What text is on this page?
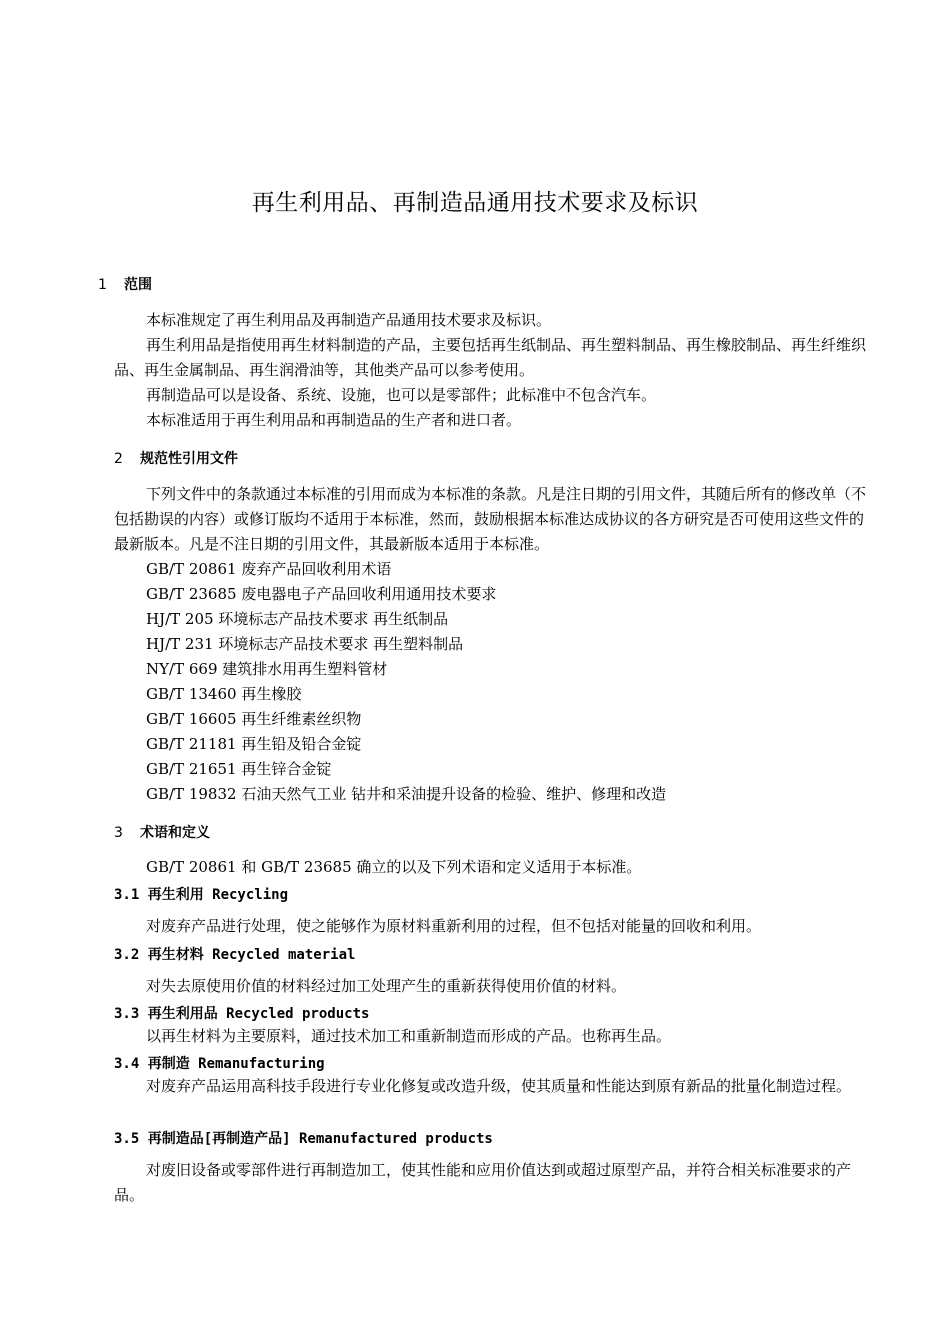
再生利用品、再制造品通用技术要求及标识
1 范围
本标准规定了再生利用品及再制造产品通用技术要求及标识。
再生利用品是指使用再生材料制造的产品，主要包括再生纸制品、再生塑料制品、再生橡胶制品、再生纤维织品、再生金属制品、再生润滑油等，其他类产品可以参考使用。
再制造品可以是设备、系统、设施，也可以是零部件；此标准中不包含汽车。
本标准适用于再生利用品和再制造品的生产者和进口者。
2 规范性引用文件
下列文件中的条款通过本标准的引用而成为本标准的条款。凡是注日期的引用文件，其随后所有的修改单（不包括勘误的内容）或修订版均不适用于本标准，然而，鼓励根据本标准达成协议的各方研究是否可使用这些文件的最新版本。凡是不注日期的引用文件，其最新版本适用于本标准。
GB/T 20861 废弃产品回收利用术语
GB/T 23685 废电器电子产品回收利用通用技术要求
HJ/T 205 环境标志产品技术要求 再生纸制品
HJ/T 231 环境标志产品技术要求 再生塑料制品
NY/T 669 建筑排水用再生塑料管材
GB/T 13460 再生橡胶
GB/T 16605 再生纤维素丝织物
GB/T 21181 再生铅及铅合金锭
GB/T 21651 再生锌合金锭
GB/T 19832 石油天然气工业 钻井和采油提升设备的检验、维护、修理和改造
3 术语和定义
GB/T 20861 和 GB/T 23685 确立的以及下列术语和定义适用于本标准。
3.1 再生利用 Recycling
对废弃产品进行处理，使之能够作为原材料重新利用的过程，但不包括对能量的回收和利用。
3.2 再生材料 Recycled material
对失去原使用价值的材料经过加工处理产生的重新获得使用价值的材料。
3.3 再生利用品 Recycled products
以再生材料为主要原料，通过技术加工和重新制造而形成的产品。也称再生品。
3.4 再制造 Remanufacturing
对废弃产品运用高科技手段进行专业化修复或改造升级，使其质量和性能达到原有新品的批量化制造过程。
3.5 再制造品[再制造产品] Remanufactured products
对废旧设备或零部件进行再制造加工，使其性能和应用价值达到或超过原型产品，并符合相关标准要求的产品。
